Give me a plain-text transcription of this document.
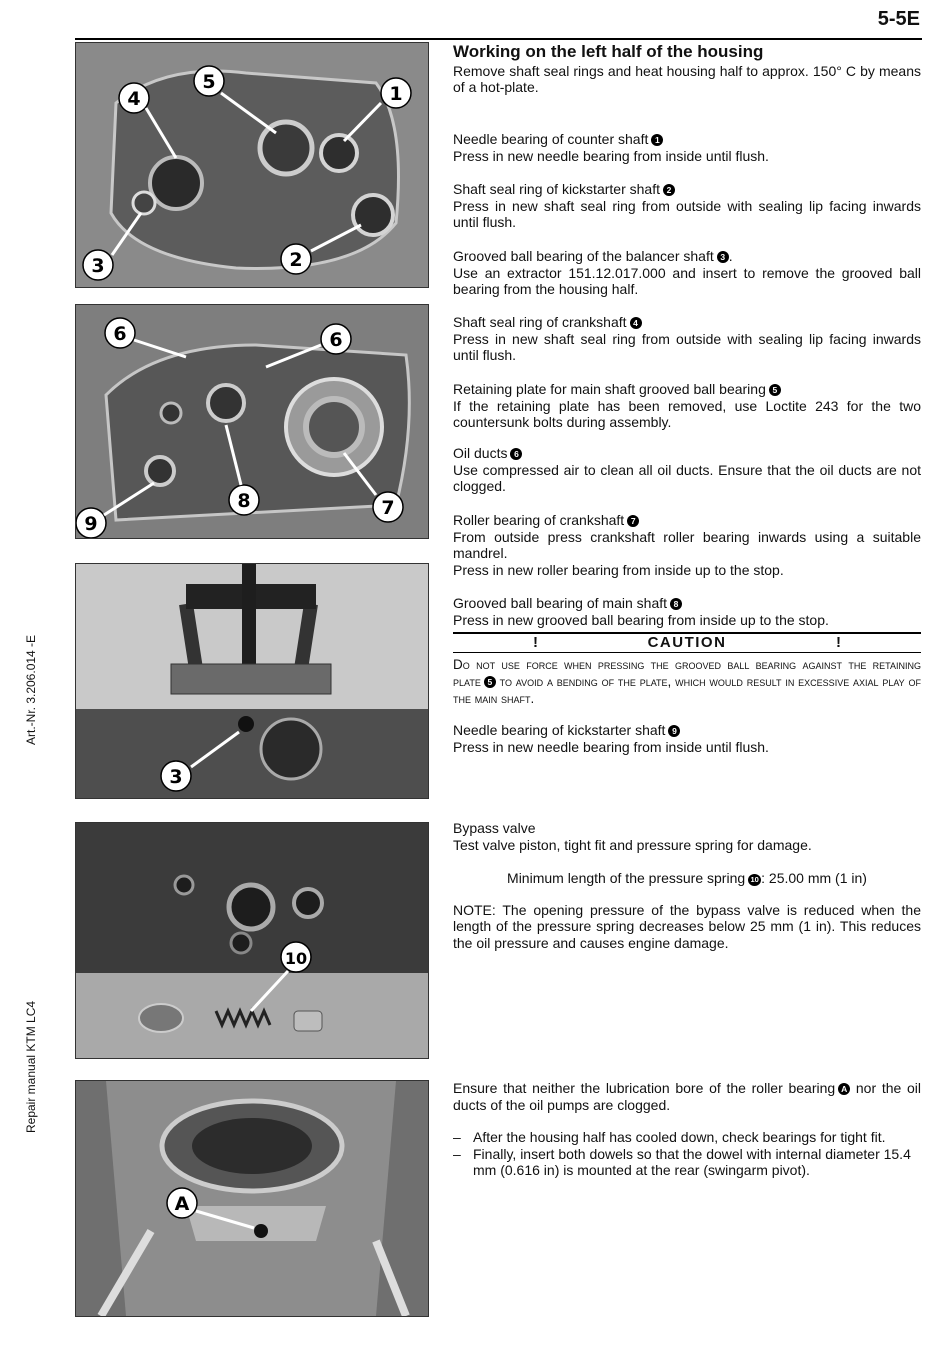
5-5E
Art.-Nr. 3.206.014 -E
Repair manual KTM LC4
4
5
1
3	2
6	6
8	7
9
3
10
A

Working on the left half of the housing

Remove shaft seal rings and heat housing half to approx. 150° C by means of a hot-plate.

Needle bearing of counter shaft 1

Press in new needle bearing from inside until flush.

Shaft seal ring of kickstarter shaft 2

Press in new shaft seal ring from outside with sealing lip facing inwards until flush.

Grooved ball bearing of the balancer shaft 3 .

Use an extractor 151.12.017.000 and insert to remove the grooved ball bearing from the housing half.

Shaft seal ring of crankshaft 4

Press in new shaft seal ring from outside with sealing lip facing inwards until flush.

Retaining plate for main shaft grooved ball bearing 5

If the retaining plate has been removed, use Loctite 243 for the two countersunk bolts during assembly.

Oil ducts 6

Use compressed air to clean all oil ducts. Ensure that the oil ducts are not clogged.

Roller bearing of crankshaft 7

From outside press crankshaft roller bearing inwards using a suitable mandrel.

Press in new roller bearing from inside up to the stop.

Grooved ball bearing of main shaft 8

Press in new grooved ball bearing from inside up to the stop.

!	CAUTION	!

Do not use force when pressing the grooved ball bearing against the retaining plate 5 to avoid a bending of the plate, which would result in excessive axial play of the main shaft.

Needle bearing of kickstarter shaft 9

Press in new needle bearing from inside until flush.

Bypass valve

Test valve piston, tight fit and pressure spring for damage.

Minimum length of the pressure spring 10 : 25.00 mm (1 in)

NOTE: The opening pressure of the bypass valve is reduced when the length of the pressure spring decreases below 25 mm (1 in). This reduces the oil pressure and causes engine damage.

Ensure that neither the lubrication bore of the roller bearing A nor the oil ducts of the oil pumps are clogged.

– After the housing half has cooled down, check bearings for tight fit.
– Finally, insert both dowels so that the dowel with internal diameter 15.4 mm (0.616 in) is mounted at the rear (swingarm pivot).
